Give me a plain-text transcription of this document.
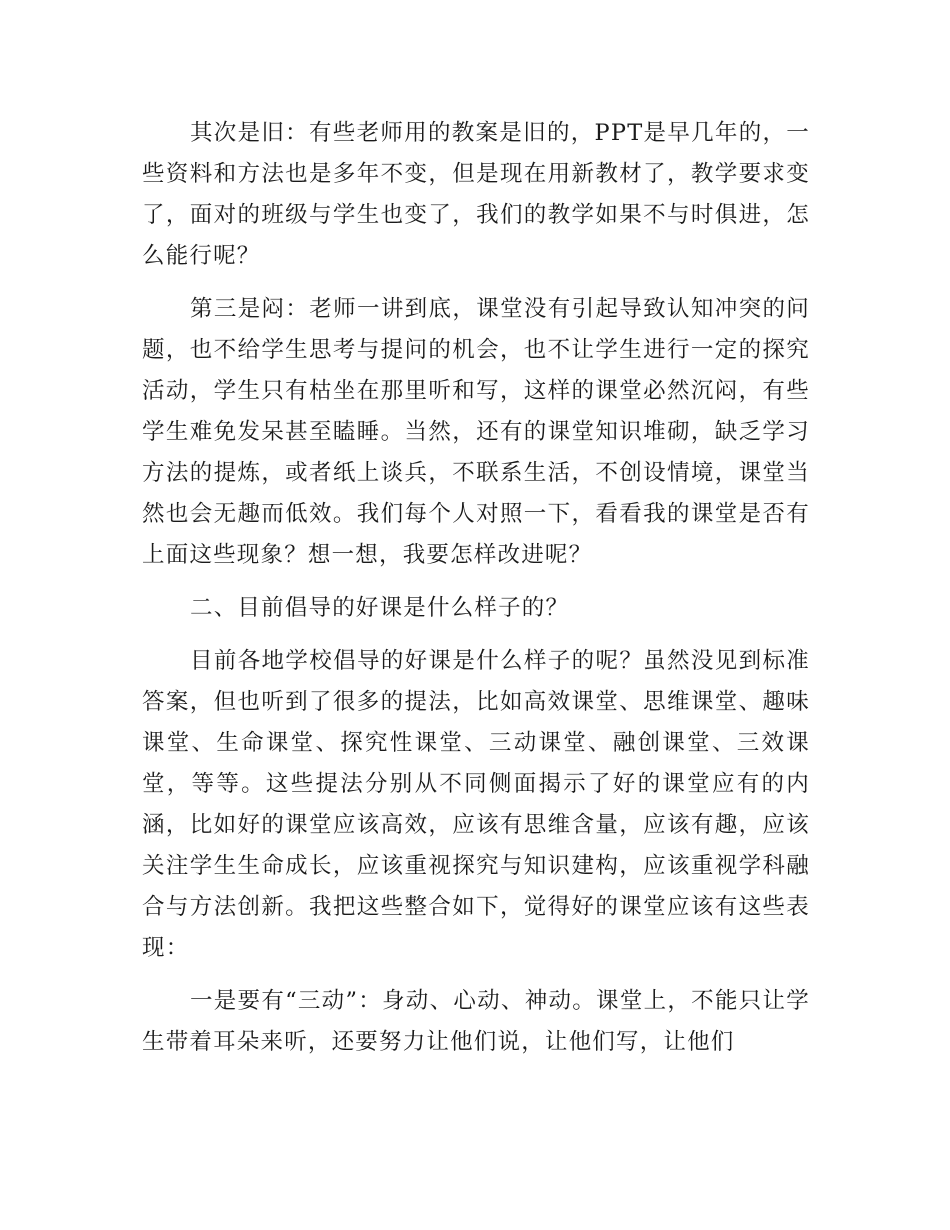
其次是旧：有些老师用的教案是旧的，PPT是早几年的，一些资料和方法也是多年不变，但是现在用新教材了，教学要求变了，面对的班级与学生也变了，我们的教学如果不与时俱进，怎么能行呢？

第三是闷：老师一讲到底，课堂没有引起导致认知冲突的问题，也不给学生思考与提问的机会，也不让学生进行一定的探究活动，学生只有枯坐在那里听和写，这样的课堂必然沉闷，有些学生难免发呆甚至瞌睡。当然，还有的课堂知识堆砌，缺乏学习方法的提炼，或者纸上谈兵，不联系生活，不创设情境，课堂当然也会无趣而低效。我们每个人对照一下，看看我的课堂是否有上面这些现象？想一想，我要怎样改进呢？

二、目前倡导的好课是什么样子的？

目前各地学校倡导的好课是什么样子的呢？虽然没见到标准答案，但也听到了很多的提法，比如高效课堂、思维课堂、趣味课堂、生命课堂、探究性课堂、三动课堂、融创课堂、三效课堂，等等。这些提法分别从不同侧面揭示了好的课堂应有的内涵，比如好的课堂应该高效，应该有思维含量，应该有趣，应该关注学生生命成长，应该重视探究与知识建构，应该重视学科融合与方法创新。我把这些整合如下，觉得好的课堂应该有这些表现：

一是要有“三动”：身动、心动、神动。课堂上，不能只让学生带着耳朵来听，还要努力让他们说，让他们写，让他们
